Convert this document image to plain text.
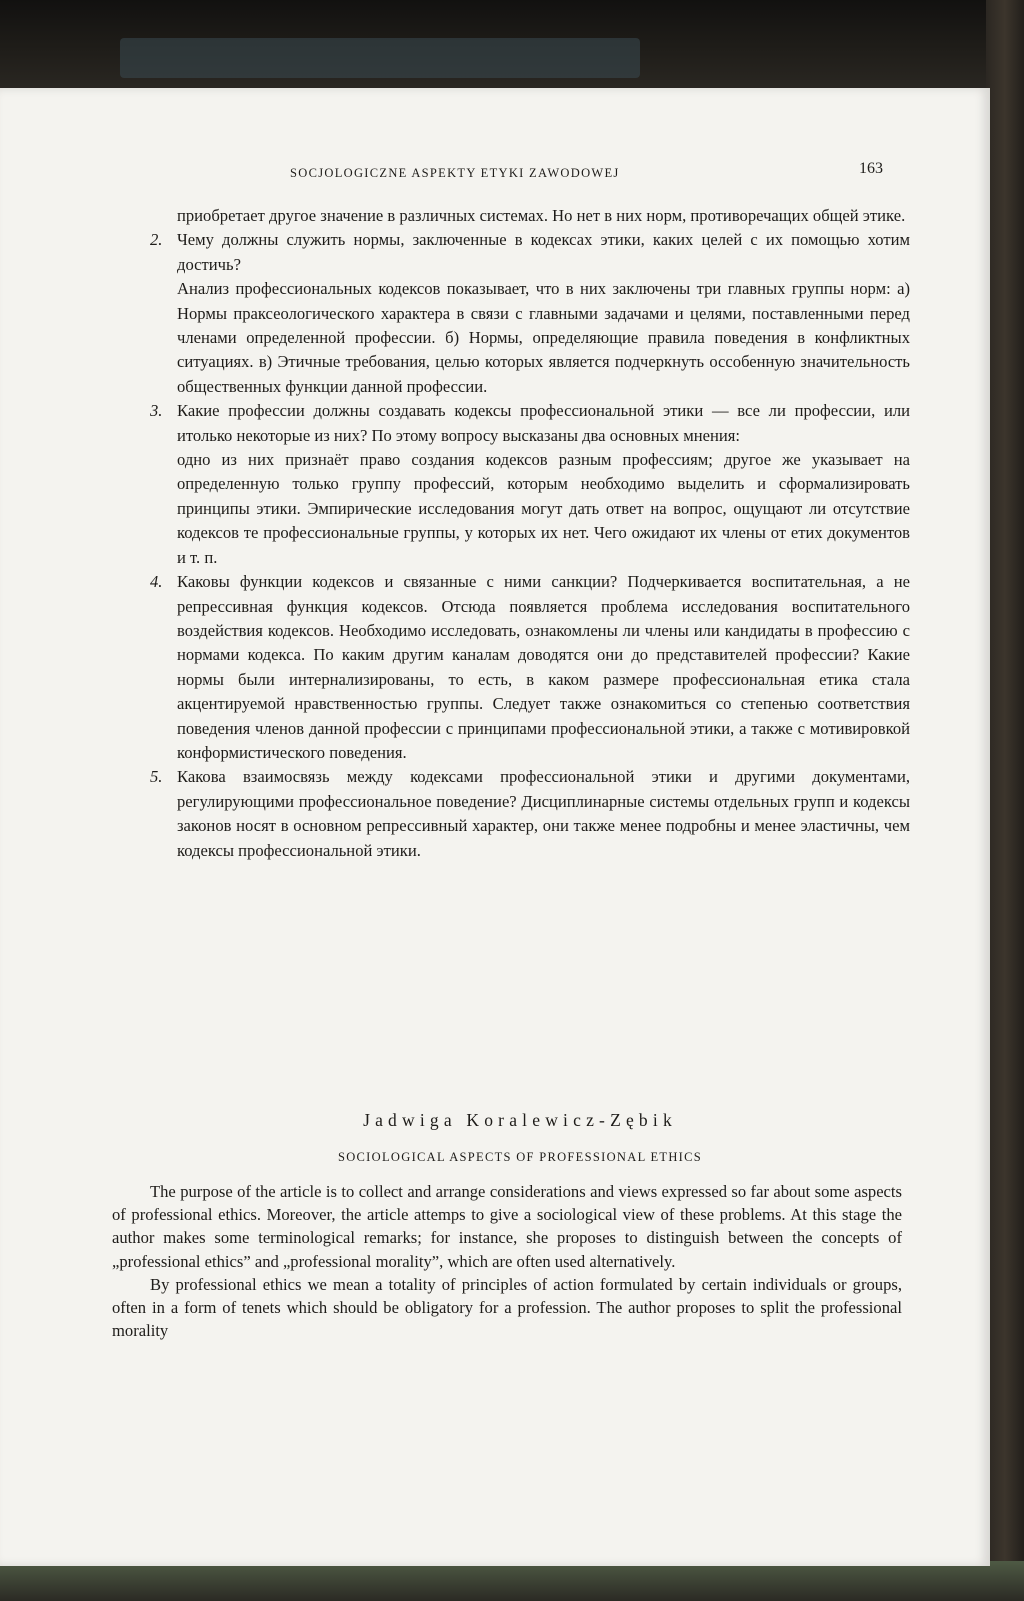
SOCJOLOGICZNE ASPEKTY ETYKI ZAWODOWEJ	163

приобретает другое значение в различных системах. Но нет в них норм, противоречащих общей этике.

2. Чему должны служить нормы, заключенные в кодексах этики, каких целей с их помощью хотим достичь?

Анализ профессиональных кодексов показывает, что в них заключены три главных группы норм: а) Нормы праксеологического характера в связи с главными задачами и целями, поставленными перед членами определенной профессии. б) Нормы, определяющие правила поведения в конфликтных ситуациях. в) Этичные требования, целью которых является подчеркнуть оссобенную значительность общественных функции данной профессии.

3. Какие профессии должны создавать кодексы профессиональной этики — все ли профессии, или итолько некоторые из них? По этому вопросу высказаны два основных мнения:

одно из них признаёт право создания кодексов разным профессиям; другое же указывает на определенную только группу профессий, которым необходимо выделить и сформализировать принципы этики. Эмпирические исследования могут дать ответ на вопрос, ощущают ли отсутствие кодексов те профессиональные группы, у которых их нет. Чего ожидают их члены от етих документов и т. п.

4. Каковы функции кодексов и связанные с ними санкции? Подчеркивается воспитательная, а не репрессивная функция кодексов. Отсюда появляется проблема исследования воспитательного воздействия кодексов. Необходимо исследовать, ознакомлены ли члены или кандидаты в профессию с нормами кодекса. По каким другим каналам доводятся они до представителей профессии? Какие нормы были интернализированы, то есть, в каком размере профессиональная етика стала акцентируемой нравственностью группы. Следует также ознакомиться со степенью соответствия поведения членов данной профессии с принципами профессиональной этики, а также с мотивировкой конформистического поведения.

5. Какова взаимосвязь между кодексами профессиональной этики и другими документами, регулирующими профессиональное поведение? Дисциплинарные системы отдельных групп и кодексы законов носят в основном репрессивный характер, они также менее подробны и менее эластичны, чем кодексы профессиональной этики.

Jadwiga Koralewicz-Zębik
SOCIOLOGICAL ASPECTS OF PROFESSIONAL ETHICS

The purpose of the article is to collect and arrange considerations and views expressed so far about some aspects of professional ethics. Moreover, the article attemps to give a sociological view of these problems. At this stage the author makes some terminological remarks; for instance, she proposes to distinguish between the concepts of „professional ethics” and „professional morality”, which are often used alternatively.

By professional ethics we mean a totality of principles of action formulated by certain individuals or groups, often in a form of tenets which should be obligatory for a profession. The author proposes to split the professional morality
